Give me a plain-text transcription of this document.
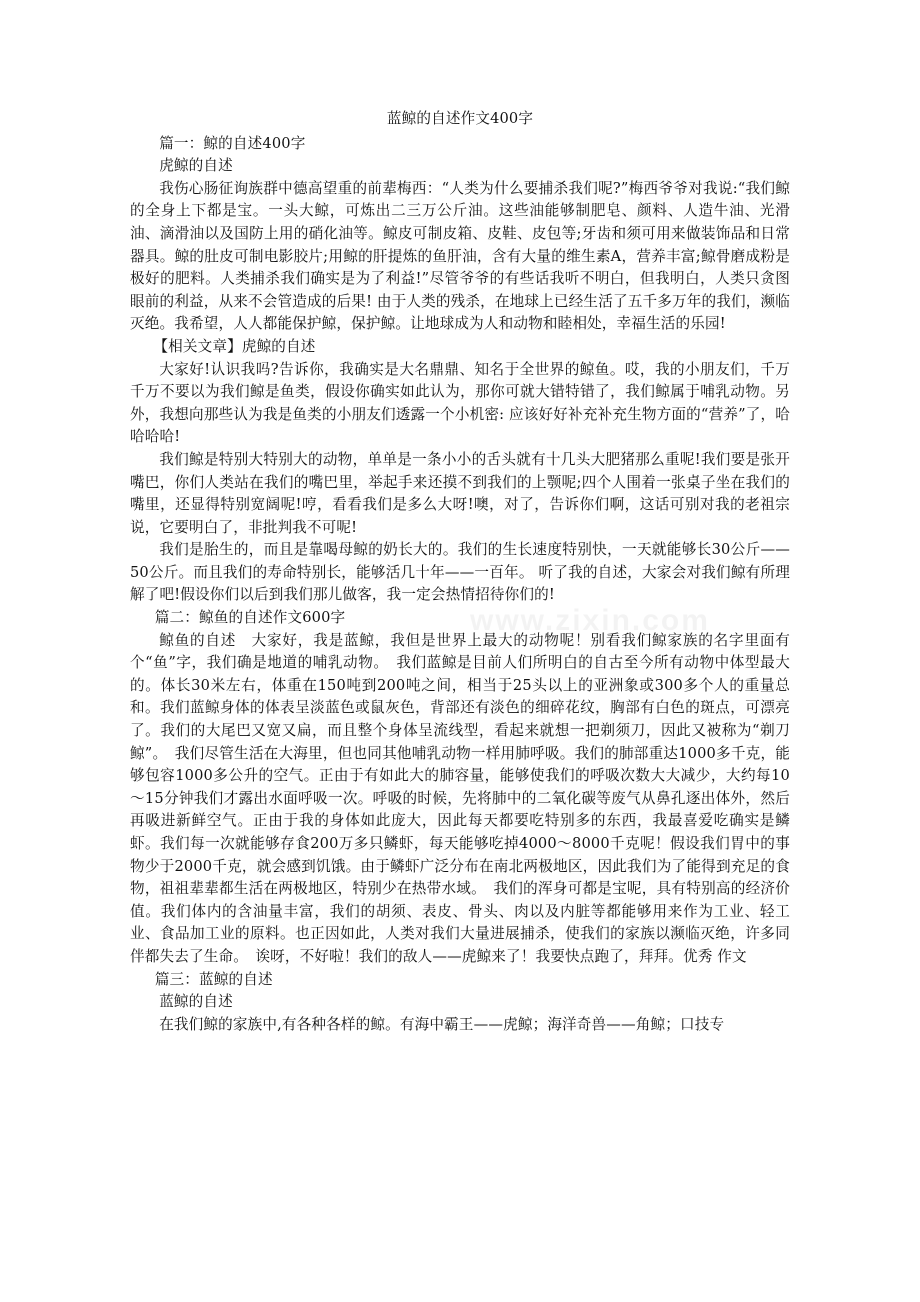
蓝鲸的自述作文400字

篇一：鲸的自述400字

虎鲸的自述

我伤心肠征询族群中德高望重的前辈梅西：“人类为什么要捕杀我们呢?”梅西爷爷对我说:“我们鲸的全身上下都是宝。一头大鲸，可炼出二三万公斤油。这些油能够制肥皂、颜料、人造牛油、光滑油、滴滑油以及国防上用的硝化油等。鲸皮可制皮箱、皮鞋、皮包等;牙齿和须可用来做装饰品和日常器具。鲸的肚皮可制电影胶片;用鲸的肝提炼的鱼肝油，含有大量的维生素A，营养丰富;鲸骨磨成粉是极好的肥料。人类捕杀我们确实是为了利益!”尽管爷爷的有些话我听不明白，但我明白，人类只贪图眼前的利益，从来不会管造成的后果! 由于人类的残杀，在地球上已经生活了五千多万年的我们，濒临灭绝。我希望，人人都能保护鲸，保护鲸。让地球成为人和动物和睦相处，幸福生活的乐园!

【相关文章】虎鲸的自述

大家好!认识我吗?告诉你，我确实是大名鼎鼎、知名于全世界的鲸鱼。哎，我的小朋友们，千万千万不要以为我们鲸是鱼类，假设你确实如此认为，那你可就大错特错了，我们鲸属于哺乳动物。另外，我想向那些认为我是鱼类的小朋友们透露一个小机密: 应该好好补充补充生物方面的“营养”了，哈哈哈哈!

我们鲸是特别大特别大的动物，单单是一条小小的舌头就有十几头大肥猪那么重呢!我们要是张开嘴巴，你们人类站在我们的嘴巴里，举起手来还摸不到我们的上颚呢;四个人围着一张桌子坐在我们的嘴里，还显得特别宽阔呢!哼，看看我们是多么大呀!噢，对了，告诉你们啊，这话可别对我的老祖宗说，它要明白了，非批判我不可呢!

我们是胎生的，而且是靠喝母鲸的奶长大的。我们的生长速度特别快，一天就能够长30公斤——50公斤。而且我们的寿命特别长，能够活几十年——一百年。 听了我的自述，大家会对我们鲸有所理解了吧!假设你们以后到我们那儿做客，我一定会热情招待你们的!

篇二：鲸鱼的自述作文600字

鲸鱼的自述　大家好，我是蓝鲸，我但是世界上最大的动物呢！别看我们鲸家族的名字里面有个“鱼”字，我们确是地道的哺乳动物。　我们蓝鲸是目前人们所明白的自古至今所有动物中体型最大的。体长30米左右，体重在150吨到200吨之间，相当于25头以上的亚洲象或300多个人的重量总和。我们蓝鲸身体的体表呈淡蓝色或鼠灰色，背部还有淡色的细碎花纹，胸部有白色的斑点，可漂亮了。我们的大尾巴又宽又扁，而且整个身体呈流线型，看起来就想一把剃须刀，因此又被称为“剃刀鲸”。　我们尽管生活在大海里，但也同其他哺乳动物一样用肺呼吸。我们的肺部重达1000多千克，能够包容1000多公升的空气。正由于有如此大的肺容量，能够使我们的呼吸次数大大减少，大约每10～15分钟我们才露出水面呼吸一次。呼吸的时候，先将肺中的二氧化碳等废气从鼻孔逐出体外，然后再吸进新鲜空气。正由于我的身体如此庞大，因此每天都要吃特别多的东西，我最喜爱吃确实是鳞虾。我们每一次就能够存食200万多只鳞虾，每天能够吃掉4000～8000千克呢！假设我们胃中的事物少于2000千克，就会感到饥饿。由于鳞虾广泛分布在南北两极地区，因此我们为了能得到充足的食物，祖祖辈辈都生活在两极地区，特别少在热带水域。　我们的浑身可都是宝呢，具有特别高的经济价值。我们体内的含油量丰富，我们的胡须、表皮、骨头、肉以及内脏等都能够用来作为工业、轻工业、食品加工业的原料。也正因如此，人类对我们大量进展捕杀，使我们的家族以濒临灭绝，许多同伴都失去了生命。　诶呀，不好啦！我们的敌人——虎鲸来了！我要快点跑了，拜拜。优秀 作文

篇三：蓝鲸的自述

蓝鲸的自述

在我们鲸的家族中,有各种各样的鲸。有海中霸王——虎鲸；海洋奇兽——角鲸；口技专
